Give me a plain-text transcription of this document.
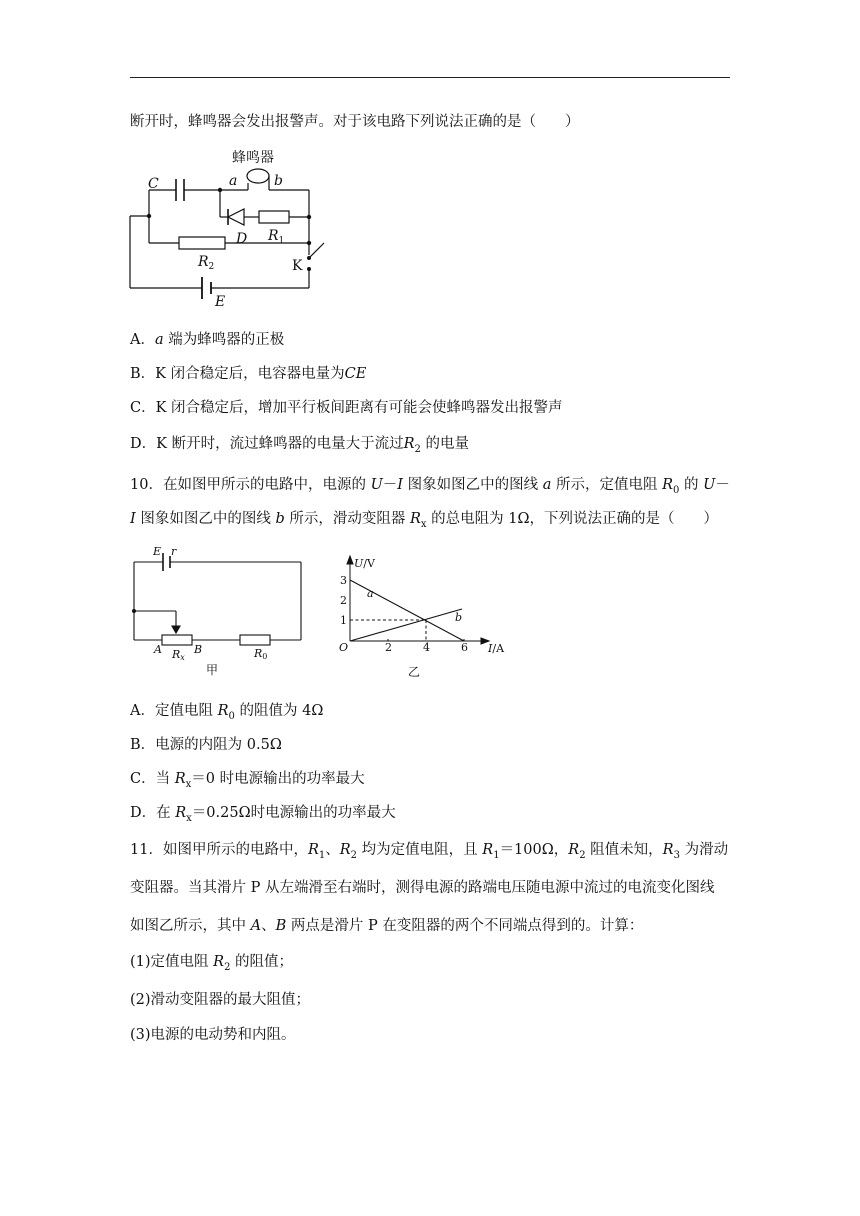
断开时，蜂鸣器会发出报警声。对于该电路下列说法正确的是（　　）
蜂鸣器
a	b
C
D $R_1$
$R_2$	K
E
A．a 端为蜂鸣器的正极
B．K 闭合稳定后，电容器电量为CE
C．K 闭合稳定后，增加平行板间距离有可能会使蜂鸣器发出报警声
D．K 断开时，流过蜂鸣器的电量大于流过$R_2$ 的电量
10．在如图甲所示的电路中，电源的 U－I 图象如图乙中的图线 a 所示，定值电阻 $R_0$ 的 U－
I 图象如图乙中的图线 b 所示，滑动变阻器 $R_x$ 的总电阻为 1Ω，下列说法正确的是（　　）
E r
A	B
Rx	R0
甲
U/V
I/A
O
3
2
1
2	4	6
a
b
乙
A．定值电阻 $R_0$ 的阻值为 4Ω
B．电源的内阻为 0.5Ω
C．当 $R_x=0$ 时电源输出的功率最大
D．在 $R_x=0.25\Omega$时电源输出的功率最大
11．如图甲所示的电路中，$R_1$、$R_2$ 均为定值电阻，且 $R_1=100\Omega$，$R_2$ 阻值未知，$R_3$ 为滑动
变阻器。当其滑片 P 从左端滑至右端时，测得电源的路端电压随电源中流过的电流变化图线
如图乙所示，其中 A、B 两点是滑片 P 在变阻器的两个不同端点得到的。计算：
(1)定值电阻 $R_2$ 的阻值；
(2)滑动变阻器的最大阻值；
(3)电源的电动势和内阻。
